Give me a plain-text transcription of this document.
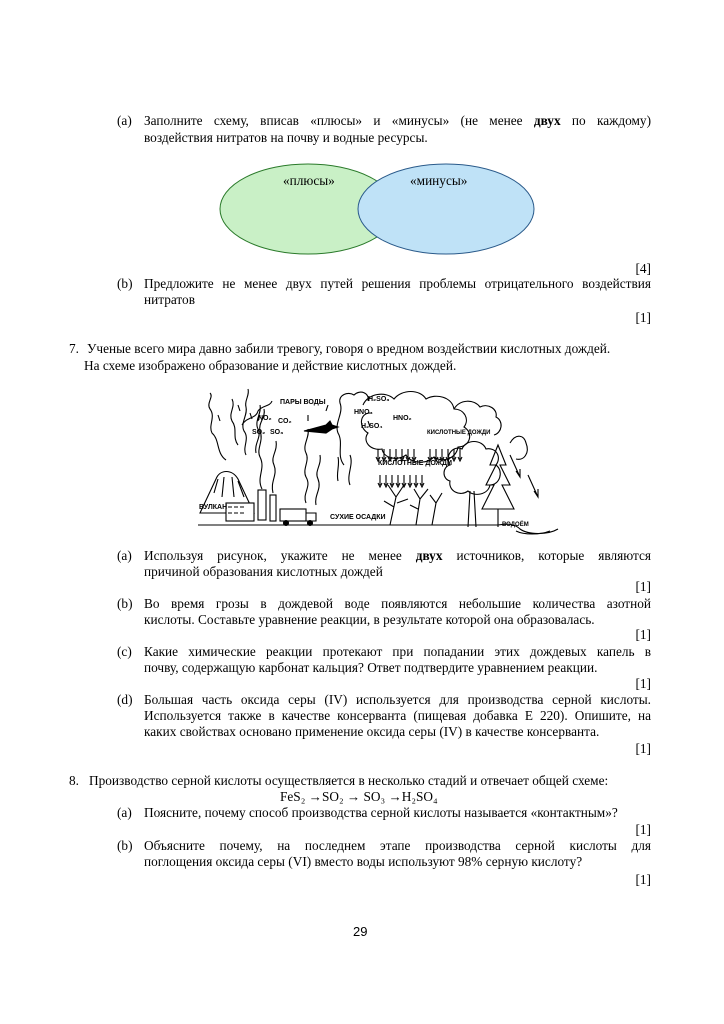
(a) Заполните схему, вписав «плюсы» и «минусы» (не менее двух по каждому)
воздействия нитратов на почву и водные ресурсы.
«плюсы»	«минусы»
[4]
(b) Предложите не менее двух путей решения проблемы отрицательного воздействия
нитратов
[1]
7. Ученые всего мира давно забили тревогу, говоря о вредном воздействии кислотных дождей.
На схеме изображено образование и действие кислотных дождей.
ПАРЫ ВОДЫ
NO₂ CO₂
SO₂ SO₃
H₂SO₃
HNO₃
HNO₂
H₂SO₄
КИСЛОТНЫЕ ДОЖДИ
КИСЛОТНЫЕ ДОЖДИ
ВУЛКАН
СУХИЕ ОСАДКИ
ВОДОЁМ
(a) Используя рисунок, укажите не менее двух источников, которые являются
причиной образования кислотных дождей
[1]
(b) Во время грозы в дождевой воде появляются небольшие количества азотной
кислоты. Составьте уравнение реакции, в результате которой она образовалась.
[1]
(c) Какие химические реакции протекают при попадании этих дождевых капель в
почву, содержащую карбонат кальция? Ответ подтвердите уравнением реакции.
[1]
(d) Большая часть оксида серы (IV) используется для производства серной кислоты.
Используется также в качестве консерванта (пищевая добавка Е 220). Опишите, на
каких свойствах основано применение оксида серы (IV) в качестве консерванта.
[1]
8. Производство серной кислоты осуществляется в несколько стадий и отвечает общей схеме:
FeS₂ →SO₂ → SO₃ →H₂SO₄
(a) Поясните, почему способ производства серной кислоты называется «контактным»?
[1]
(b) Объясните почему, на последнем этапе производства серной кислоты для
поглощения оксида серы (VI) вместо воды используют 98% серную кислоту?
[1]
29
